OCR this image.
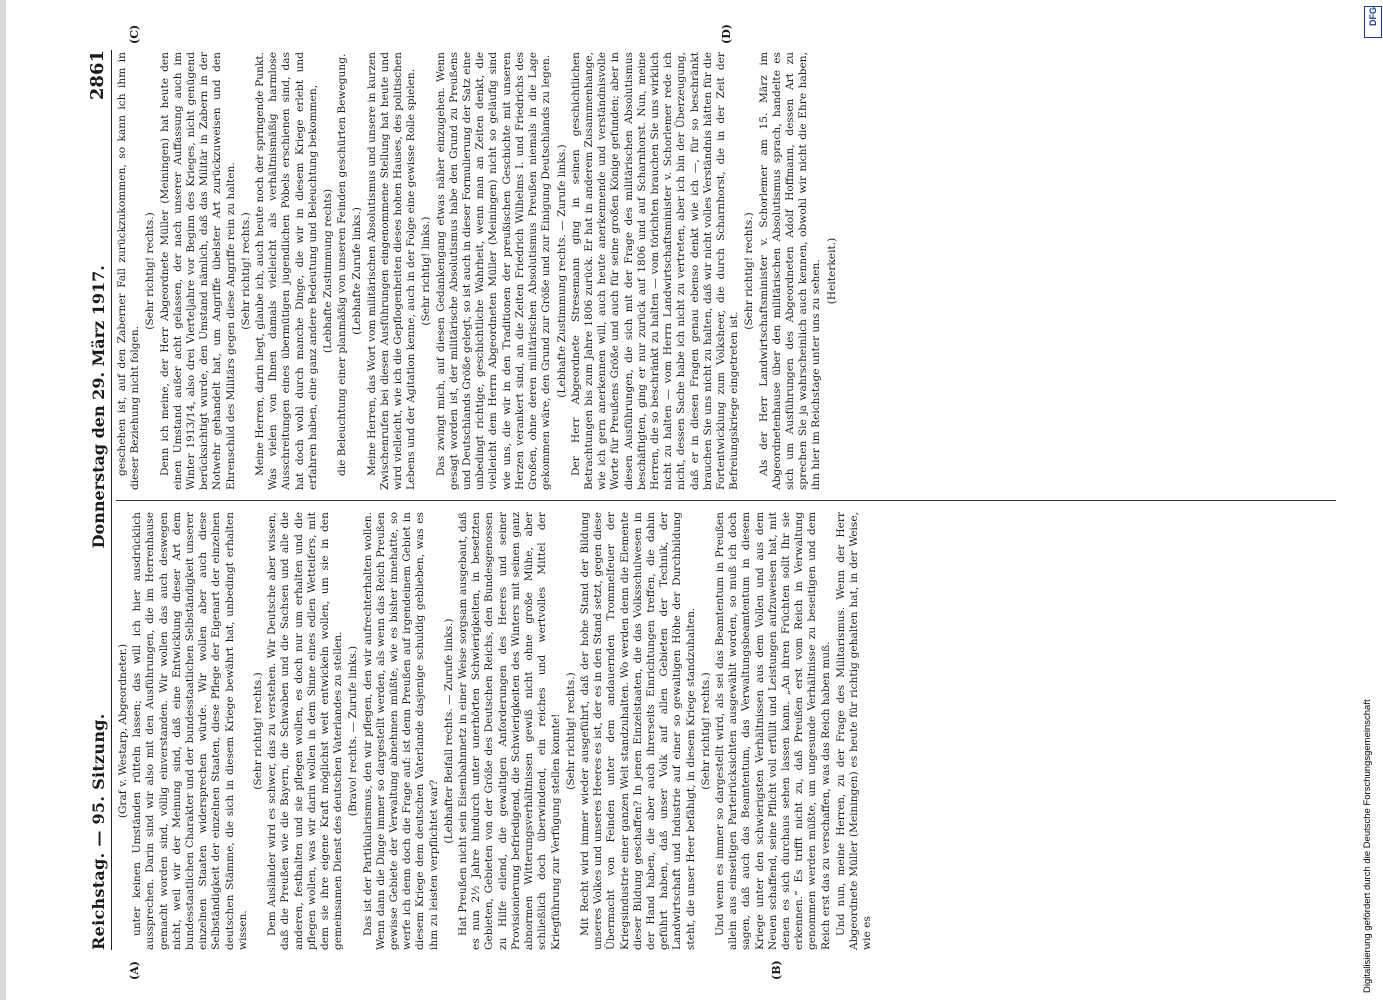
Reichstag. — 95. Sitzung.
Donnerstag den 29. März 1917.
2861

(Graf v. Westarp, Abgeordneter.) unter keinen Umständen rütteln lassen; das will ich hier ausdrücklich aussprechen. Darin sind wir also mit den Ausführungen, die im Herrenhause gemacht worden sind, völlig einverstanden. Wir wollen das auch deswegen nicht, weil wir der Meinung sind, daß eine Entwicklung dieser Art dem bundesstaatlichen Charakter und der bundesstaatlichen Selbständigkeit unserer einzelnen Staaten widersprechen würde. Wir wollen aber auch diese Selbständigkeit der einzelnen Staaten, diese Pflege der Eigenart der einzelnen deutschen Stämme, die sich in diesem Kriege bewährt hat, unbedingt erhalten wissen.

(Sehr richtig! rechts.) Dem Ausländer wird es schwer, das zu verstehen. Wir Deutsche aber wissen, daß die Preußen wie die Bayern, die Schwaben und die Sachsen und alle die anderen, festhalten und sie pflegen wollen, es doch nur um erhalten und die pflegen wollen, was wir darin wollen in dem Sinne eines edlen Wetteifers, mit dem sie ihre eigene Kraft möglichst weit entwickeln wollen, um sie in den gemeinsamen Dienst des deutschen Vaterlandes zu stellen. (Bravo! rechts. — Zurufe links.) Das ist der Partikularismus, den wir pflegen, den wir aufrechterhalten wollen. Wenn dann die Dinge immer so dargestellt werden, als wenn das Reich Preußen gewisse Gebiete der Verwaltung abnehmen müßte, wie es bisher innehatte, so werfe ich denn doch die Frage auf: ist denn Preußen auf irgendeinem Gebiet in diesem Kriege dem deutschen Vaterlande dasjenige schuldig geblieben, was es ihm zu leisten verpflichtet war?

(Lebhafter Beifall rechts. — Zurufe links.) Hat Preußen nicht sein Eisenbahnnetz in einer Weise sorgsam ausgebaut, daß es nun 2½ Jahre hindurch unter unerhörten Schwierigkeiten, in besetzten Gebieten, Gebieten von der Größe des Deutschen Reichs, den Bundesgenossen zu Hilfe eilend, die gewaltigen Anforderungen des Heeres und seiner Provisionierung befriedigend, die Schwierigkeiten des Winters mit seinen ganz abnormen Witterungsverhältnissen gewiß nicht ohne große Mühe, aber schließlich doch überwindend, ein reiches und wertvolles Mittel der Kriegführung zur Verfügung stellen konnte! (Sehr richtig! rechts.) Mit Recht wird immer wieder ausgeführt, daß der hohe Stand der Bildung unseres Volkes und unseres Heeres es ist, der es in den Stand setzt, gegen diese Übermacht von Feinden unter dem andauernden Trommelfeuer der Kriegsindustrie einer ganzen Welt standzuhalten. Wo werden denn die Elemente dieser Bildung geschaffen? In jenen Einzelstaaten, die das Volksschulwesen in der Hand haben, die aber auch ihrerseits Einrichtungen treffen, die dahin geführt haben, daß unser Volk auf allen Gebieten der Technik, der Landwirtschaft und Industrie auf einer so gewaltigen Höhe der Durchbildung steht, die unser Heer befähigt, in diesem Kriege standzuhalten. (Sehr richtig! rechts.) Und wenn es immer so dargestellt wird, als sei das Beamtentum in Preußen allein aus einseitigen Parteirücksichten ausgewählt worden, so muß ich doch sagen, daß auch das Beamtentum, das Verwaltungsbeamtentum in diesem Kriege unter den schwierigsten Verhältnissen aus dem Vollen und aus dem Neuen schaffend, seine Pflicht voll erfüllt und Leistungen aufzuweisen hat, mit denen es sich durchaus sehen lassen kann. „An ihren Früchten sollt Ihr sie erkennen.“ Es trifft nicht zu, daß Preußen erst vom Reich in Verwaltung genommen werden müßte, um ungesunde Verhältnisse zu beseitigen und dem Reich erst das zu verschaffen, was das Reich haben muß. Und nun, meine Herren, zu der Frage des Militarismus. Wenn der Herr Abgeordnete Müller (Meiningen) es heute für richtig gehalten hat, in der Weise, wie es

geschehen ist, auf den Zaberner Fall zurückzukommen, so kann ich ihm in dieser Beziehung nicht folgen.

(Sehr richtig! rechts.) Denn ich meine, der Herr Abgeordnete Müller (Meiningen) hat heute den einen Umstand außer acht gelassen, der nach unserer Auffassung auch im Winter 1913/14, also drei Vierteljahre vor Beginn des Krieges, nicht genügend berücksichtigt wurde, den Umstand nämlich, daß das Militär in Zabern in der Notwehr gehandelt hat, um Angriffe übelster Art zurückzuweisen und den Ehrenschild des Militärs gegen diese Angriffe rein zu halten. (Sehr richtig! rechts.) Meine Herren, darin liegt, glaube ich, auch heute noch der springende Punkt. Was vielen von Ihnen damals vielleicht als verhältnismäßig harmlose Ausschreitungen eines übermütigen jugendlichen Pöbels erschienen sind, das hat doch wohl durch manche Dinge, die wir in diesem Kriege erlebt und erfahren haben, eine ganz andere Bedeutung und Beleuchtung bekommen, (Lebhafte Zustimmung rechts) die Beleuchtung einer planmäßig von unseren Feinden geschürten Bewegung. (Lebhafte Zurufe links.) Meine Herren, das Wort vom militärischen Absolutismus und unsere in kurzen Zwischenrufen bei diesen Ausführungen eingenommene Stellung hat heute und wird vielleicht, wie ich die Gepflogenheiten dieses hohen Hauses, des politischen Lebens und der Agitation kenne, auch in der Folge eine gewisse Rolle spielen. (Sehr richtig! links.) Das zwingt mich, auf diesen Gedankengang etwas näher einzugehen. Wenn gesagt worden ist, der militärische Absolutismus habe den Grund zu Preußens und Deutschlands Größe gelegt, so ist auch in dieser Formulierung der Satz eine unbedingt richtige, geschichtliche Wahrheit, wenn man an Zeiten denkt, die vielleicht dem Herrn Abgeordneten Müller (Meiningen) nicht so geläufig sind wie uns, die wir in den Traditionen der preußischen Geschichte mit unseren Herzen verankert sind, an die Zeiten Friedrich Wilhelms I. und Friedrichs des Großen, ohne deren militärischen Absolutismus Preußen niemals in die Lage gekommen wäre, den Grund zur Größe und zur Einigung Deutschlands zu legen. (Lebhafte Zustimmung rechts. — Zurufe links.) Der Herr Abgeordnete Stresemann ging in seinen geschichtlichen Betrachtungen bis zum Jahre 1806 zurück. Er hat in anderem Zusammenhange, wie ich gern anerkennen will, auch heute anerkennende und verständnisvolle Worte für Preußens Größe und auch für seine großen Könige gefunden; aber in diesen Ausführungen, die sich mit der Frage des militärischen Absolutismus beschäftigten, ging er nur zurück auf 1806 und auf Scharnhorst. Nun, meine Herren, die so beschränkt zu halten — vom törichten brauchen Sie uns wirklich nicht zu halten — vom Herrn Landwirtschaftsminister v. Schorlemer rede ich nicht, dessen Sache habe ich nicht zu vertreten, aber ich bin der Überzeugung, daß er in diesen Fragen genau ebenso denkt wie ich —, für so beschränkt brauchen Sie uns nicht zu halten, daß wir nicht volles Verständnis hätten für die Fortentwicklung zum Volksheer, die durch Scharnhorst, die in der Zeit der Befreiungskriege eingetreten ist.

(Sehr richtig! rechts.) Als der Herr Landwirtschaftsminister v. Schorlemer am 15. März im Abgeordnetenhause über den militärischen Absolutismus sprach, handelte es sich um Ausführungen des Abgeordneten Adolf Hoffmann, dessen Art zu sprechen Sie ja wahrscheinlich auch kennen, obwohl wir nicht die Ehre haben, ihn hier im Reichstage unter uns zu sehen. (Heiterkeit.)

(A)	(B)
(C)	(D)
DFG
Digitalisierung gefördert durch die Deutsche Forschungsgemeinschaft
